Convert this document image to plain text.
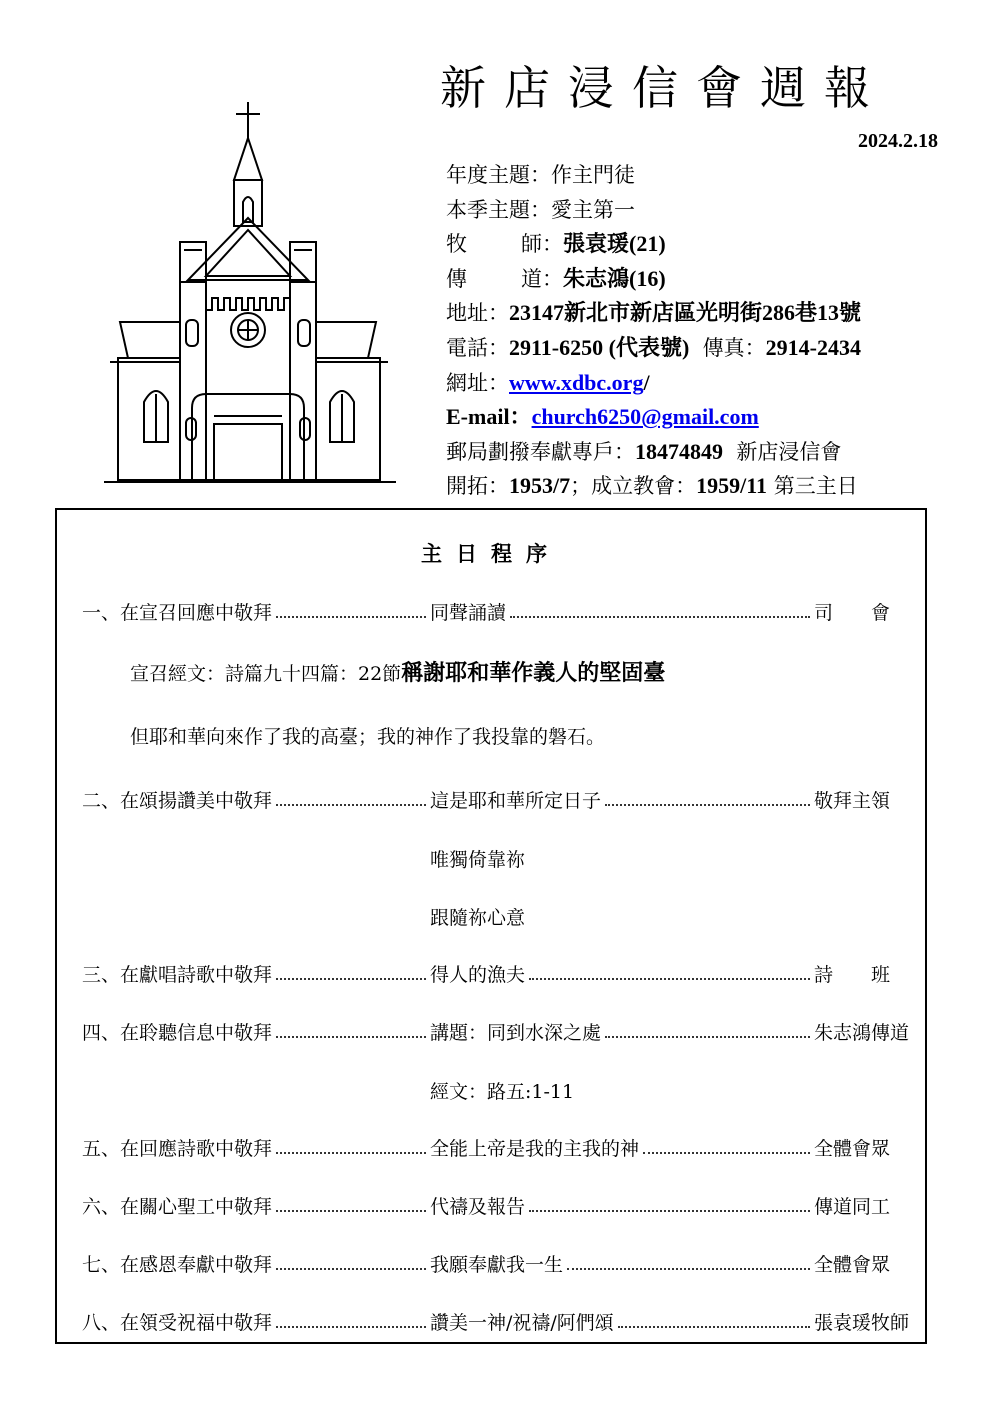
新店浸信會週報
2024.2.18
年度主題：作主門徒
本季主題：愛主第一
牧	師： 張袁瑗(21)
傳	道： 朱志鴻(16)
地址：23147新北市新店區光明街286巷13號
電話：2911-6250 (代表號) 傳真：2914-2434
網址：www.xdbc.org/
E-mail：church6250@gmail.com
郵局劃撥奉獻專戶：18474849 新店浸信會
開拓：1953/7；成立教會：1959/11 第三主日
主日程序
一、在宣召回應中敬拜	同聲誦讀	司　　會
宣召經文：詩篇九十四篇：22節稱謝耶和華作義人的堅固臺
但耶和華向來作了我的高臺；我的神作了我投靠的磐石。
二、在頌揚讚美中敬拜	這是耶和華所定日子	敬拜主領
唯獨倚靠祢
跟隨祢心意
三、在獻唱詩歌中敬拜	得人的漁夫	詩　　班
四、在聆聽信息中敬拜	講題：同到水深之處	朱志鴻傳道
經文：路五:1-11
五、在回應詩歌中敬拜	全能上帝是我的主我的神	全體會眾
六、在關心聖工中敬拜	代禱及報告	傳道同工
七、在感恩奉獻中敬拜	我願奉獻我一生	全體會眾
八、在領受祝福中敬拜	讚美一神/祝禱/阿們頌	張袁瑗牧師
